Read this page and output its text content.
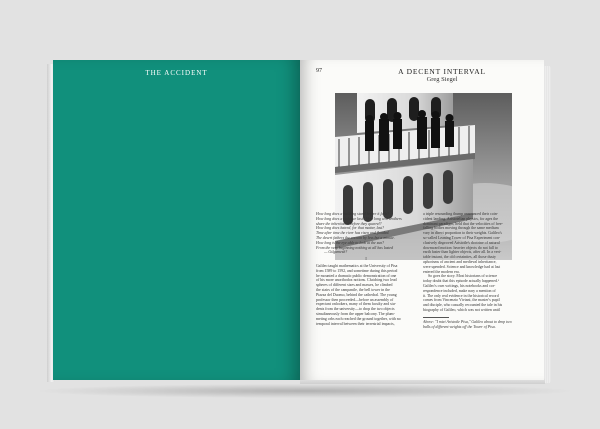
THE ACCIDENT	97	A DECENT INTERVAL
Greg Siegel
How long does a building stand before it falls?
How long does a violence last? How long will brothers
share the inheritance before they quarrel?
How long does hatred, for that matter, last?
Time after time the river has risen and flooded.
The desert fathers the cocoon by less but a minute.
How long is the eye able to look at the sun?
From the very beginning nothing at all has lasted
— Gilgamesh?
I
Galileo taught mathematics at the University of Pisa
from 1589 to 1592, and sometime during this period
he mounted a dramatic public demonstration of one
of his more unorthodox notions. Clutching two lead
spheres of different sizes and masses, he climbed
the stairs of the campanile, the bell tower in the
Piazza del Duomo, behind the cathedral. The young
professor then proceeded—before an assembly of
expectant onlookers, many of them faculty and stu-
dents from the university—to drop the two objects
simultaneously from the upper balcony. The plum-
meting orbs each reached the ground together, with no
temporal interval between their terrestrial impacts,
a triple resounding thump announced their coin-
cident landing. Aristotelian physics, for ages the
dominant paradigm, held that the velocities of free-
falling bodies moving through the same medium
vary in direct proportion to their weights. Galileo's
so-called Leaning Tower of Pisa Experiment con-
clusively disproved Aristotle's doctrine of natural
downward motion: heavier objects do not fall to
earth faster than lighter objects, after all. In a veri-
table instant, the old certainties, all those dusty
aphorisms of ancient and medieval inheritance,
were upended. Science and knowledge had at last
entered the modern era.
So goes the story. Most historians of science
today doubt that this episode actually happened.¹
Galileo's own writings, his notebooks and cor-
respondence included, make nary a mention of
it. The only real evidence in the historical record
comes from Vincenzio Viviani, the master's pupil
and disciple, who casually recounted the tale in his
biography of Galileo, which was not written until
Above: "I miei Aristotle Pisa," Galileo about to drop two
balls of different weights off the Tower of Pisa.
